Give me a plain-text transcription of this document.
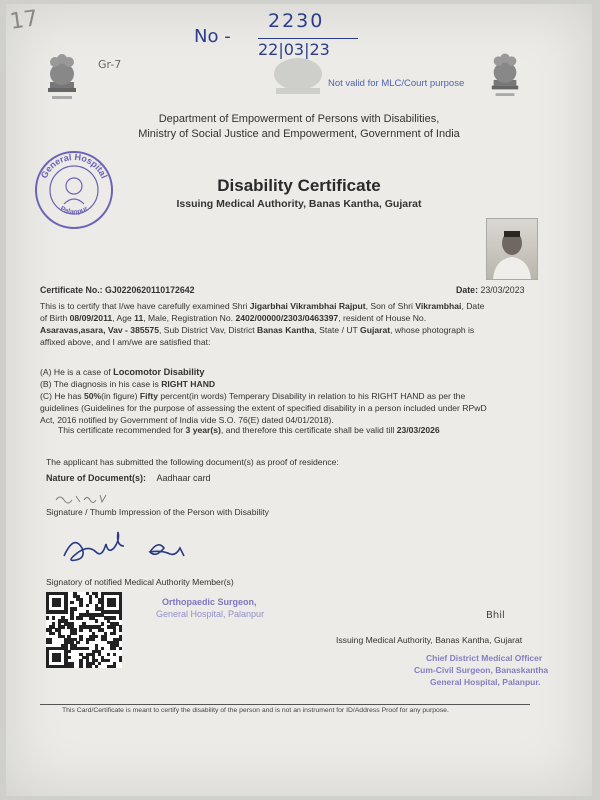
17
No -
2230
22|03|23
Gr-7
Not valid for MLC/Court purpose
Department of Empowerment of Persons with Disabilities,
Ministry of Social Justice and Empowerment, Government of India
General Hospital
Palanpur
Disability Certificate
Issuing Medical Authority, Banas Kantha, Gujarat
Certificate No.: GJ0220620110172642	Date: 23/03/2023
This is to certify that I/we have carefully examined Shri Jigarbhai Vikrambhai Rajput, Son of Shri Vikrambhai, Date
of Birth 08/09/2011, Age 11, Male, Registration No. 2402/00000/2303/0463397, resident of House No.
Asaravas,asara, Vav - 385575, Sub District Vav, District Banas Kantha, State / UT Gujarat, whose photograph is
affixed above, and I am/we are satisfied that:
(A) He is a case of Locomotor Disability
(B) The diagnosis in his case is RIGHT HAND
(C) He has 50%(in figure) Fifty percent(in words) Temperary Disability in relation to his RIGHT HAND as per the
guidelines (Guidelines for the purpose of assessing the extent of specified disability in a person included under RPwD
Act, 2016 notified by Government of India vide S.O. 76(E) dated 04/01/2018).
This certificate recommended for 3 year(s), and therefore this certificate shall be valid till 23/03/2026
The applicant has submitted the following document(s) as proof of residence:
Nature of Document(s): Aadhaar card
Signature / Thumb Impression of the Person with Disability
Signatory of notified Medical Authority Member(s)
Orthopaedic Surgeon,
General Hospital, Palanpur	Bhil
Issuing Medical Authority, Banas Kantha, Gujarat
Chief District Medical Officer
Cum-Civil Surgeon, Banaskantha
General Hospital, Palanpur.
This Card/Certificate is meant to certify the disability of the person and is not an instrument for ID/Address Proof for any purpose.
